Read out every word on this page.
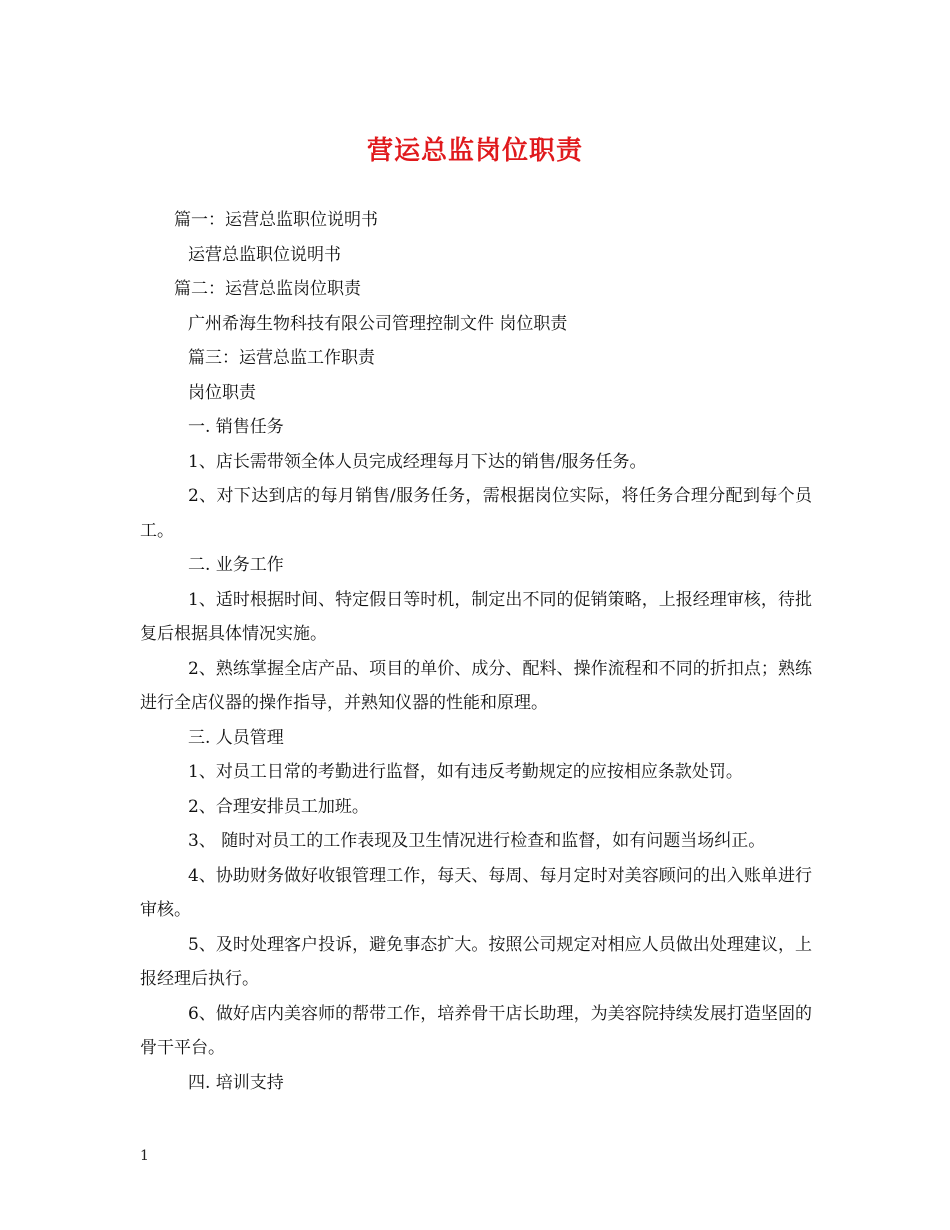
营运总监岗位职责

篇一：运营总监职位说明书

运营总监职位说明书

篇二：运营总监岗位职责

广州希海生物科技有限公司管理控制文件 岗位职责

篇三：运营总监工作职责

岗位职责

一. 销售任务

1、店长需带领全体人员完成经理每月下达的销售/服务任务。

2、对下达到店的每月销售/服务任务，需根据岗位实际，将任务合理分配到每个员工。

二. 业务工作

1、适时根据时间、特定假日等时机，制定出不同的促销策略，上报经理审核，待批复后根据具体情况实施。

2、熟练掌握全店产品、项目的单价、成分、配料、操作流程和不同的折扣点；熟练进行全店仪器的操作指导，并熟知仪器的性能和原理。

三. 人员管理

1、对员工日常的考勤进行监督，如有违反考勤规定的应按相应条款处罚。

2、合理安排员工加班。

3、 随时对员工的工作表现及卫生情况进行检查和监督，如有问题当场纠正。

4、协助财务做好收银管理工作，每天、每周、每月定时对美容顾问的出入账单进行审核。

5、及时处理客户投诉，避免事态扩大。按照公司规定对相应人员做出处理建议，上报经理后执行。

6、做好店内美容师的帮带工作，培养骨干店长助理，为美容院持续发展打造坚固的骨干平台。

四. 培训支持

1
